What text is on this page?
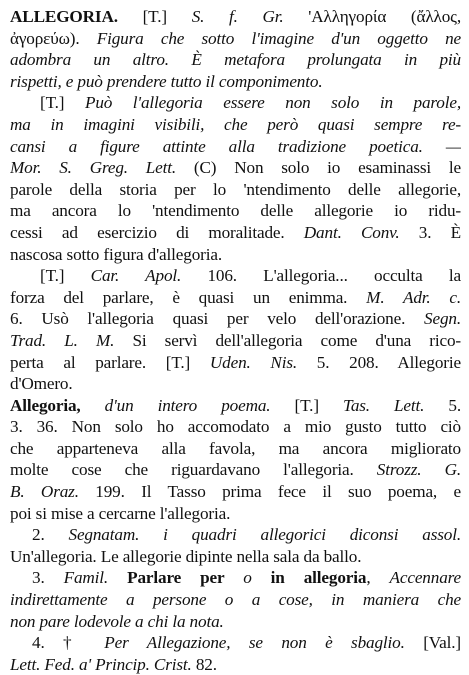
ALLEGORIA. [T.] S. f. Gr. 'Αλληγορία (ἄλλος,

ἀγορεύω). Figura che sotto l'imagine d'un oggetto ne

adombra un altro. È metafora prolungata in più

rispetti, e può prendere tutto il componimento.

[T.] Può l'allegoria essere non solo in parole,

ma in imagini visibili, che però quasi sempre re-

cansi a figure attinte alla tradizione poetica. —

Mor. S. Greg. Lett. (C) Non solo io esaminassi le

parole della storia per lo 'ntendimento delle allegorie,

ma ancora lo 'ntendimento delle allegorie io ridu-

cessi ad esercizio di moralitade. Dant. Conv. 3. È

nascosa sotto figura d'allegoria.

[T.] Car. Apol. 106. L'allegoria... occulta la

forza del parlare, è quasi un enimma. M. Adr. c.

6. Usò l'allegoria quasi per velo dell'orazione. Segn.

Trad. L. M. Si servì dell'allegoria come d'una rico-

perta al parlare. [T.] Uden. Nis. 5. 208. Allegorie

d'Omero.

Allegoria, d'un intero poema. [T.] Tas. Lett. 5.

3. 36. Non solo ho accomodato a mio gusto tutto ciò

che apparteneva alla favola, ma ancora migliorato

molte cose che riguardavano l'allegoria. Strozz. G.

B. Oraz. 199. Il Tasso prima fece il suo poema, e

poi si mise a cercarne l'allegoria.

2. Segnatam. i quadri allegorici diconsi assol.

Un'allegoria. Le allegorie dipinte nella sala da ballo.

3. Famil. Parlare per o in allegoria, Accennare

indirettamente a persone o a cose, in maniera che

non pare lodevole a chi la nota.

4. † Per Allegazione, se non è sbaglio. [Val.]

Lett. Fed. a' Princip. Crist. 82.
